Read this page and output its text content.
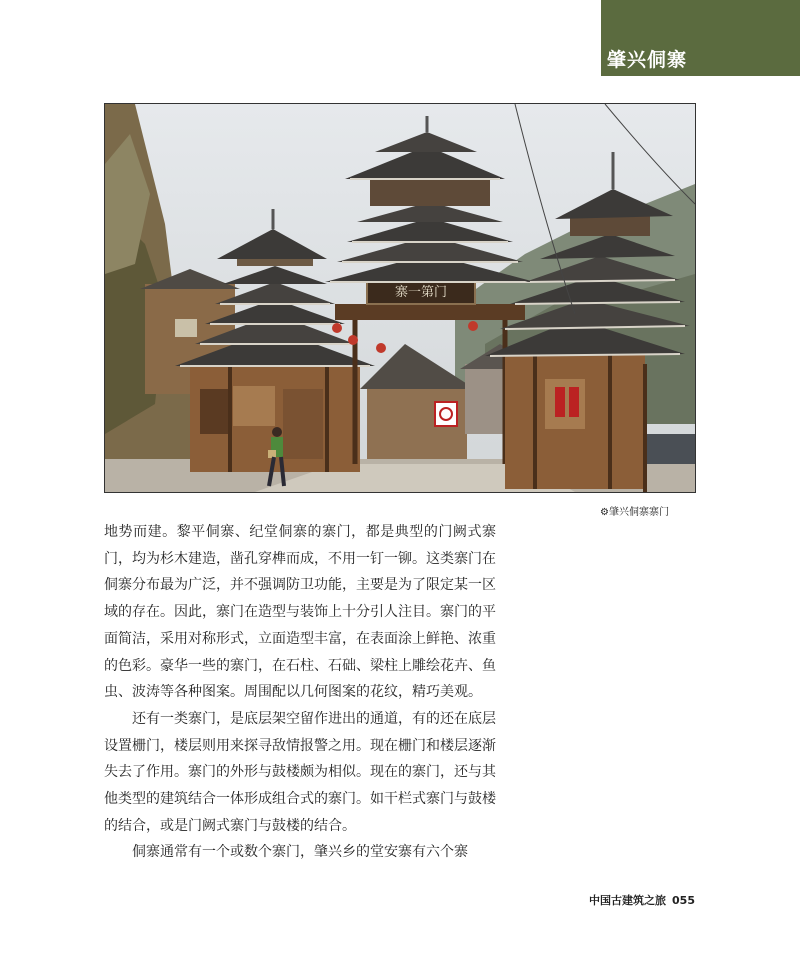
肇兴侗寨
寨一第门
⚙肇兴侗寨寨门

地势而建。黎平侗寨、纪堂侗寨的寨门，都是典型的门阙式寨门，均为杉木建造，凿孔穿榫而成，不用一钉一铆。这类寨门在侗寨分布最为广泛，并不强调防卫功能，主要是为了限定某一区域的存在。因此，寨门在造型与装饰上十分引人注目。寨门的平面简洁，采用对称形式，立面造型丰富，在表面涂上鲜艳、浓重的色彩。豪华一些的寨门，在石柱、石础、梁柱上雕绘花卉、鱼虫、波涛等各种图案。周围配以几何图案的花纹，精巧美观。

还有一类寨门，是底层架空留作进出的通道，有的还在底层设置栅门，楼层则用来探寻敌情报警之用。现在栅门和楼层逐渐失去了作用。寨门的外形与鼓楼颇为相似。现在的寨门，还与其他类型的建筑结合一体形成组合式的寨门。如干栏式寨门与鼓楼的结合，或是门阙式寨门与鼓楼的结合。

侗寨通常有一个或数个寨门，肇兴乡的堂安寨有六个寨

中国古建筑之旅 055
